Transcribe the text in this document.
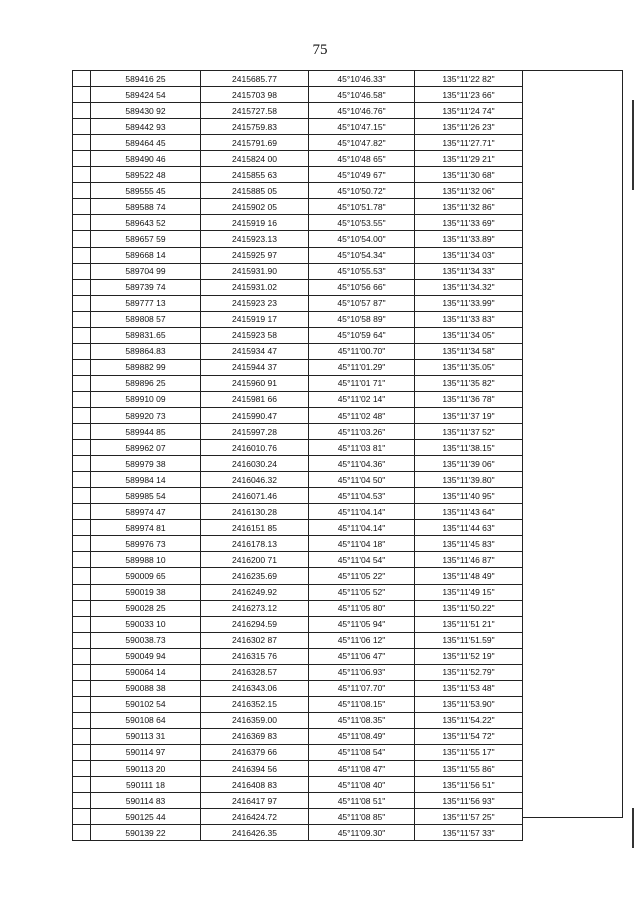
75
	589416 25	2415685.77	45°10'46.33"	135°11'22 82"
	589424 54	2415703 98	45°10'46.58"	135°11'23 66"
	589430 92	2415727.58	45°10'46.76"	135°11'24 74"
	589442 93	2415759.83	45°10'47.15"	135°11'26 23"
	589464 45	2415791.69	45°10'47.82"	135°11'27.71"
	589490 46	2415824 00	45°10'48 65"	135°11'29 21"
	589522 48	2415855 63	45°10'49 67"	135°11'30 68"
	589555 45	2415885 05	45°10'50.72"	135°11'32 06"
	589588 74	2415902 05	45°10'51.78"	135°11'32 86"
	589643 52	2415919 16	45°10'53.55"	135°11'33 69"
	589657 59	2415923.13	45°10'54.00"	135°11'33.89"
	589668 14	2415925 97	45°10'54.34"	135°11'34 03"
	589704 99	2415931.90	45°10'55.53"	135°11'34 33"
	589739 74	2415931.02	45°10'56 66"	135°11'34.32"
	589777 13	2415923 23	45°10'57 87"	135°11'33.99"
	589808 57	2415919 17	45°10'58 89"	135°11'33 83"
	589831.65	2415923 58	45°10'59 64"	135°11'34 05"
	589864.83	2415934 47	45°11'00.70"	135°11'34 58"
	589882 99	2415944 37	45°11'01.29"	135°11'35.05"
	589896 25	2415960 91	45°11'01 71"	135°11'35 82"
	589910 09	2415981 66	45°11'02 14"	135°11'36 78"
	589920 73	2415990.47	45°11'02 48"	135°11'37 19"
	589944 85	2415997.28	45°11'03.26"	135°11'37 52"
	589962 07	2416010.76	45°11'03 81"	135°11'38.15"
	589979 38	2416030.24	45°11'04.36"	135°11'39 06"
	589984 14	2416046.32	45°11'04 50"	135°11'39.80"
	589985 54	2416071.46	45°11'04.53"	135°11'40 95"
	589974 47	2416130.28	45°11'04.14"	135°11'43 64"
	589974 81	2416151 85	45°11'04.14"	135°11'44 63"
	589976 73	2416178.13	45°11'04 18"	135°11'45 83"
	589988 10	2416200 71	45°11'04 54"	135°11'46 87"
	590009 65	2416235.69	45°11'05 22"	135°11'48 49"
	590019 38	2416249.92	45°11'05 52"	135°11'49 15"
	590028 25	2416273.12	45°11'05 80"	135°11'50.22"
	590033 10	2416294.59	45°11'05 94"	135°11'51 21"
	590038.73	2416302 87	45°11'06 12"	135°11'51.59"
	590049 94	2416315 76	45°11'06 47"	135°11'52 19"
	590064 14	2416328.57	45°11'06.93"	135°11'52.79"
	590088 38	2416343.06	45°11'07.70"	135°11'53 48"
	590102 54	2416352.15	45°11'08.15"	135°11'53.90"
	590108 64	2416359.00	45°11'08.35"	135°11'54.22"
	590113 31	2416369 83	45°11'08.49"	135°11'54 72"
	590114 97	2416379 66	45°11'08 54"	135°11'55 17"
	590113 20	2416394 56	45°11'08 47"	135°11'55 86"
	590111 18	2416408 83	45°11'08 40"	135°11'56 51"
	590114 83	2416417 97	45°11'08 51"	135°11'56 93"
	590125 44	2416424.72	45°11'08 85"	135°11'57 25"
	590139 22	2416426.35	45°11'09.30"	135°11'57 33"
